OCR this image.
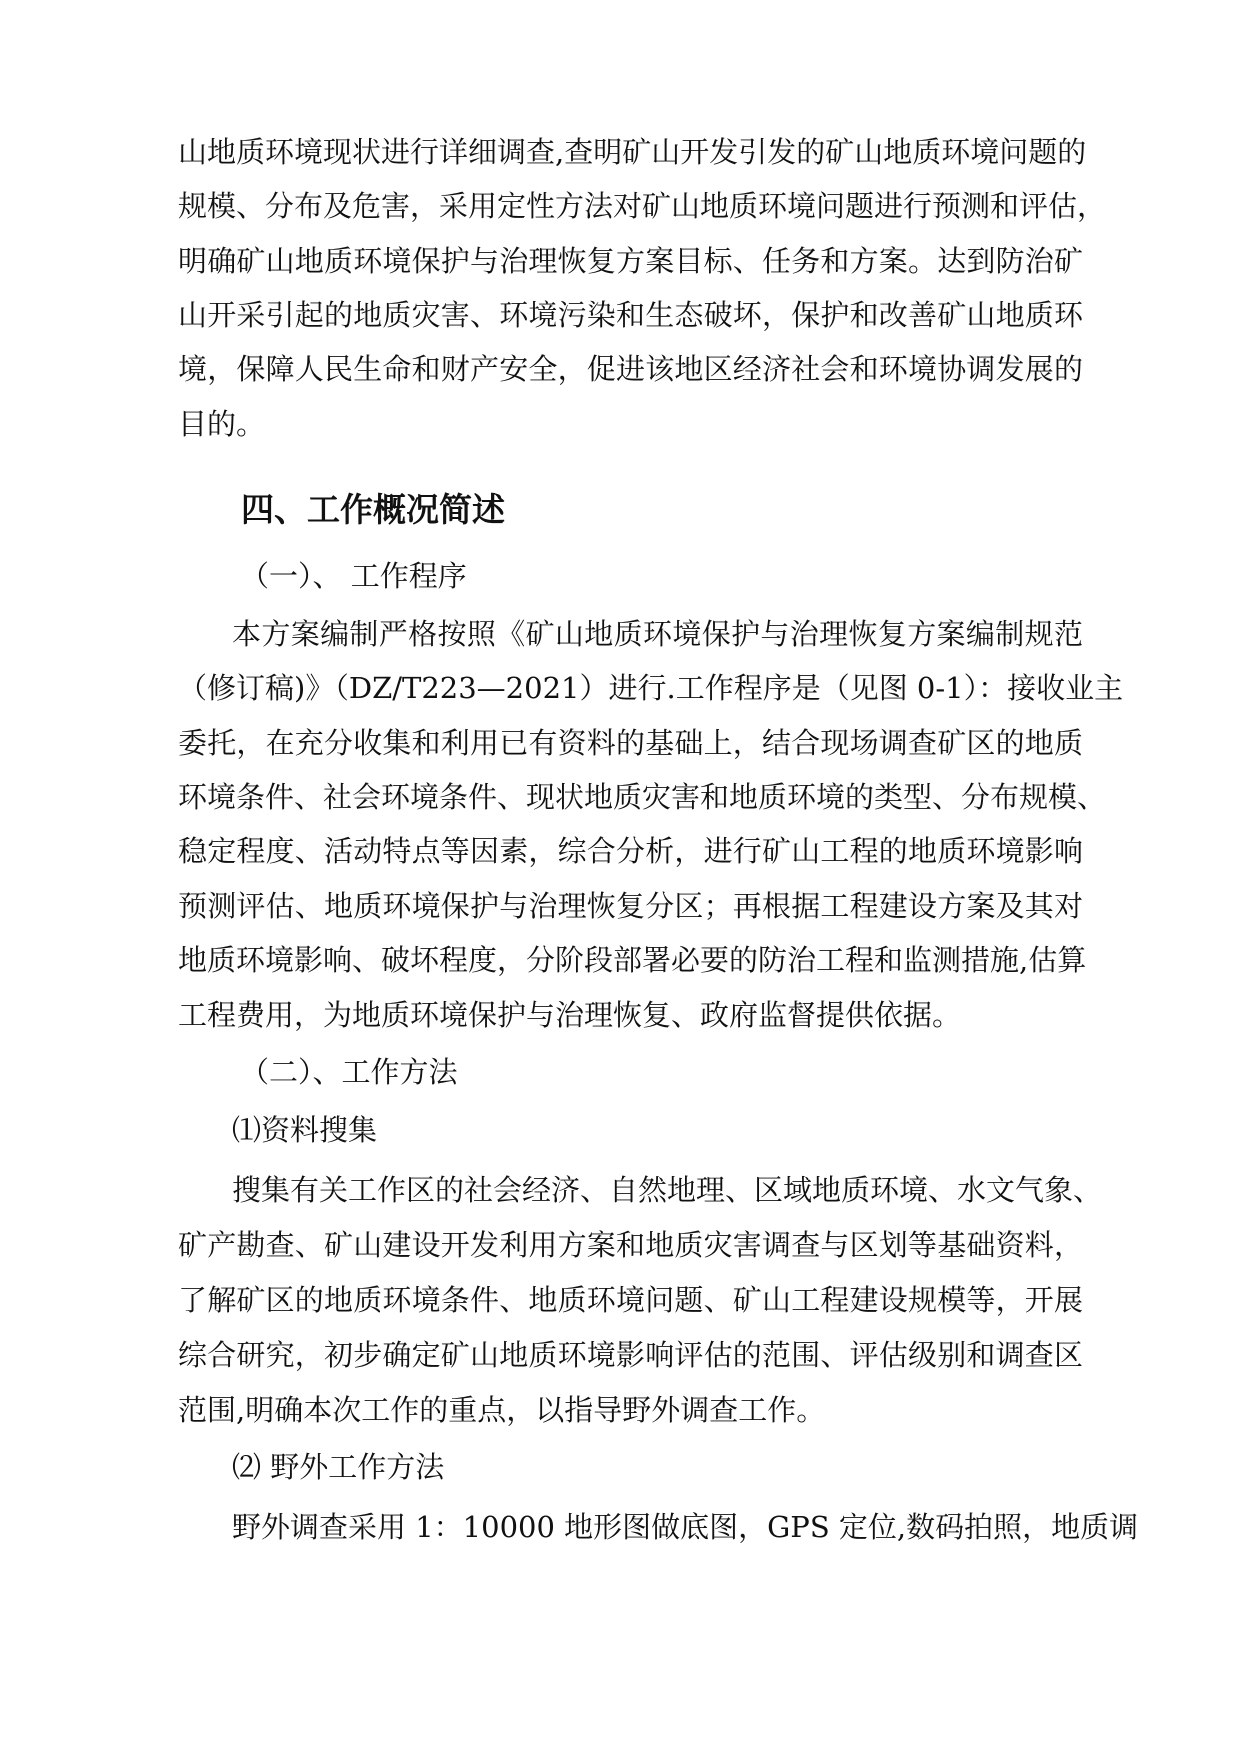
山地质环境现状进行详细调查,查明矿山开发引发的矿山地质环境问题的
规模、分布及危害，采用定性方法对矿山地质环境问题进行预测和评估，
明确矿山地质环境保护与治理恢复方案目标、任务和方案。达到防治矿
山开采引起的地质灾害、环境污染和生态破坏，保护和改善矿山地质环
境，保障人民生命和财产安全，促进该地区经济社会和环境协调发展的
目的。
四、工作概况简述
（一）、 工作程序
本方案编制严格按照《矿山地质环境保护与治理恢复方案编制规范
（修订稿)》（DZ/T223—2021）进行.工作程序是（见图 0-1）：接收业主
委托，在充分收集和利用已有资料的基础上，结合现场调查矿区的地质
环境条件、社会环境条件、现状地质灾害和地质环境的类型、分布规模、
稳定程度、活动特点等因素，综合分析，进行矿山工程的地质环境影响
预测评估、地质环境保护与治理恢复分区；再根据工程建设方案及其对
地质环境影响、破坏程度，分阶段部署必要的防治工程和监测措施,估算
工程费用，为地质环境保护与治理恢复、政府监督提供依据。
（二）、工作方法
⑴资料搜集
搜集有关工作区的社会经济、自然地理、区域地质环境、水文气象、
矿产勘查、矿山建设开发利用方案和地质灾害调查与区划等基础资料，
了解矿区的地质环境条件、地质环境问题、矿山工程建设规模等，开展
综合研究，初步确定矿山地质环境影响评估的范围、评估级别和调查区
范围,明确本次工作的重点，以指导野外调查工作。
⑵ 野外工作方法
野外调查采用 1：10000 地形图做底图，GPS 定位,数码拍照，地质调
